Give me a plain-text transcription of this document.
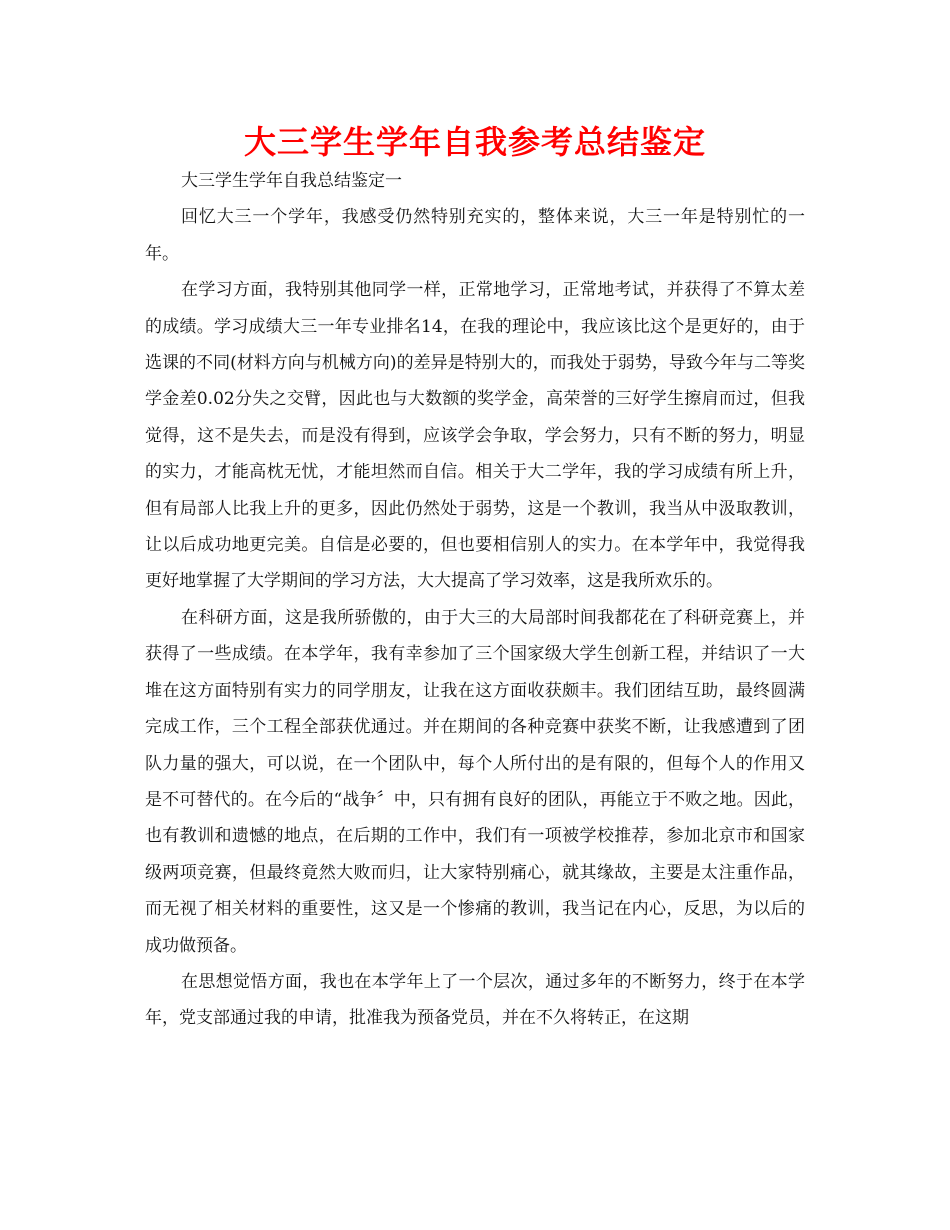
大三学生学年自我参考总结鉴定

大三学生学年自我总结鉴定一

回忆大三一个学年，我感受仍然特别充实的，整体来说，大三一年是特别忙的一年。

在学习方面，我特别其他同学一样，正常地学习，正常地考试，并获得了不算太差的成绩。学习成绩大三一年专业排名14，在我的理论中，我应该比这个是更好的，由于选课的不同(材料方向与机械方向)的差异是特别大的，而我处于弱势，导致今年与二等奖学金差0.02分失之交臂，因此也与大数额的奖学金，高荣誉的三好学生擦肩而过，但我觉得，这不是失去，而是没有得到，应该学会争取，学会努力，只有不断的努力，明显的实力，才能高枕无忧，才能坦然而自信。相关于大二学年，我的学习成绩有所上升，但有局部人比我上升的更多，因此仍然处于弱势，这是一个教训，我当从中汲取教训，让以后成功地更完美。自信是必要的，但也要相信别人的实力。在本学年中，我觉得我更好地掌握了大学期间的学习方法，大大提高了学习效率，这是我所欢乐的。

在科研方面，这是我所骄傲的，由于大三的大局部时间我都花在了科研竞赛上，并获得了一些成绩。在本学年，我有幸参加了三个国家级大学生创新工程，并结识了一大堆在这方面特别有实力的同学朋友，让我在这方面收获颇丰。我们团结互助，最终圆满完成工作，三个工程全部获优通过。并在期间的各种竞赛中获奖不断，让我感遭到了团队力量的强大，可以说，在一个团队中，每个人所付出的是有限的，但每个人的作用又是不可替代的。在今后的“战争〞中，只有拥有良好的团队，再能立于不败之地。因此，也有教训和遗憾的地点，在后期的工作中，我们有一项被学校推荐，参加北京市和国家级两项竞赛，但最终竟然大败而归，让大家特别痛心，就其缘故，主要是太注重作品，而无视了相关材料的重要性，这又是一个惨痛的教训，我当记在内心，反思，为以后的成功做预备。

在思想觉悟方面，我也在本学年上了一个层次，通过多年的不断努力，终于在本学年，党支部通过我的申请，批准我为预备党员，并在不久将转正，在这期
